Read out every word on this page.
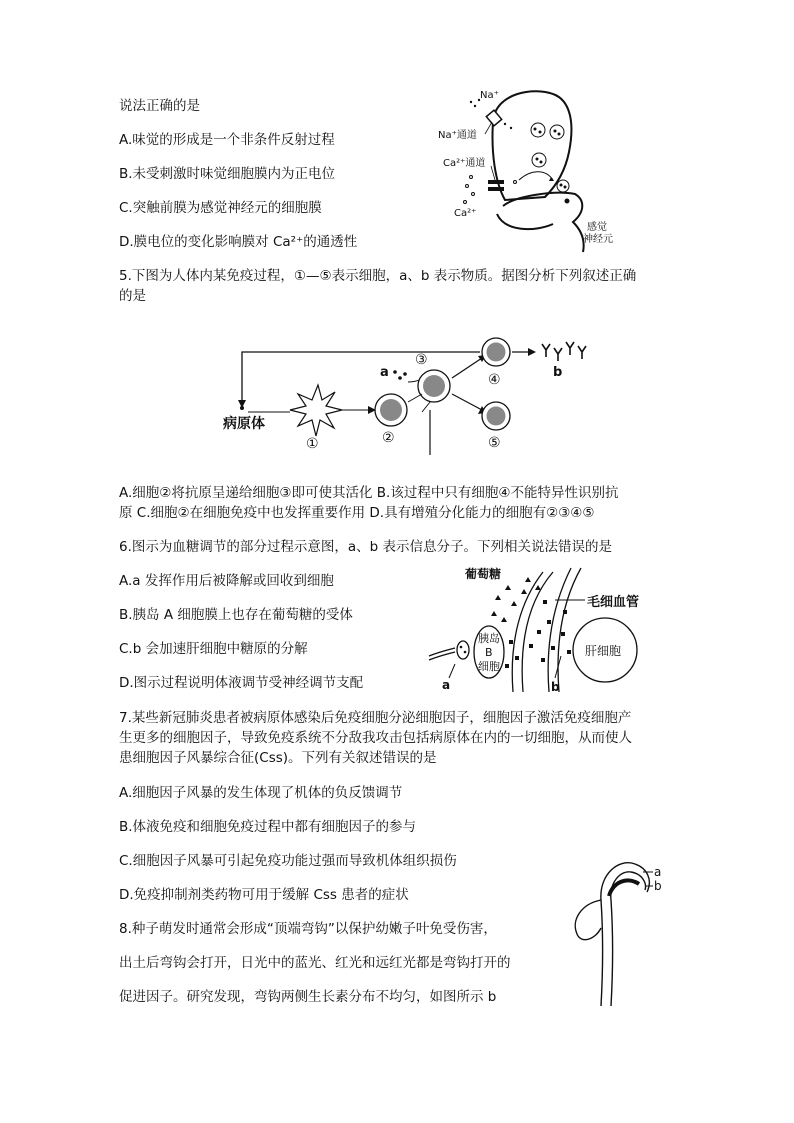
说法正确的是
A.味觉的形成是一个非条件反射过程
B.未受刺激时味觉细胞膜内为正电位
C.突触前膜为感觉神经元的细胞膜
D.膜电位的变化影响膜对 Ca²⁺的通透性
Na⁺
Na⁺通道
Ca²⁺通道
Ca²⁺
感觉
神经元
5.下图为人体内某免疫过程，①—⑤表示细胞，a、b 表示物质。据图分析下列叙述正确
的是
病原体
①	②
a
③
④	b
⑤
A.细胞②将抗原呈递给细胞③即可使其活化 B.该过程中只有细胞④不能特异性识别抗
原 C.细胞②在细胞免疫中也发挥重要作用 D.具有增殖分化能力的细胞有②③④⑤
6.图示为血糖调节的部分过程示意图，a、b 表示信息分子。下列相关说法错误的是
A.a 发挥作用后被降解或回收到细胞
B.胰岛 A 细胞膜上也存在葡萄糖的受体
C.b 会加速肝细胞中糖原的分解
D.图示过程说明体液调节受神经调节支配
葡萄糖
毛细血管
胰岛
B
细胞
a	b
肝细胞
7.某些新冠肺炎患者被病原体感染后免疫细胞分泌细胞因子，细胞因子激活免疫细胞产
生更多的细胞因子，导致免疫系统不分敌我攻击包括病原体在内的一切细胞，从而使人
患细胞因子风暴综合征(Css)。下列有关叙述错误的是
A.细胞因子风暴的发生体现了机体的负反馈调节
B.体液免疫和细胞免疫过程中都有细胞因子的参与
C.细胞因子风暴可引起免疫功能过强而导致机体组织损伤
D.免疫抑制剂类药物可用于缓解 Css 患者的症状
8.种子萌发时通常会形成“顶端弯钩”以保护幼嫩子叶免受伤害，
出土后弯钩会打开，日光中的蓝光、红光和远红光都是弯钩打开的
促进因子。研究发现，弯钩两侧生长素分布不均匀，如图所示 b
a
b
